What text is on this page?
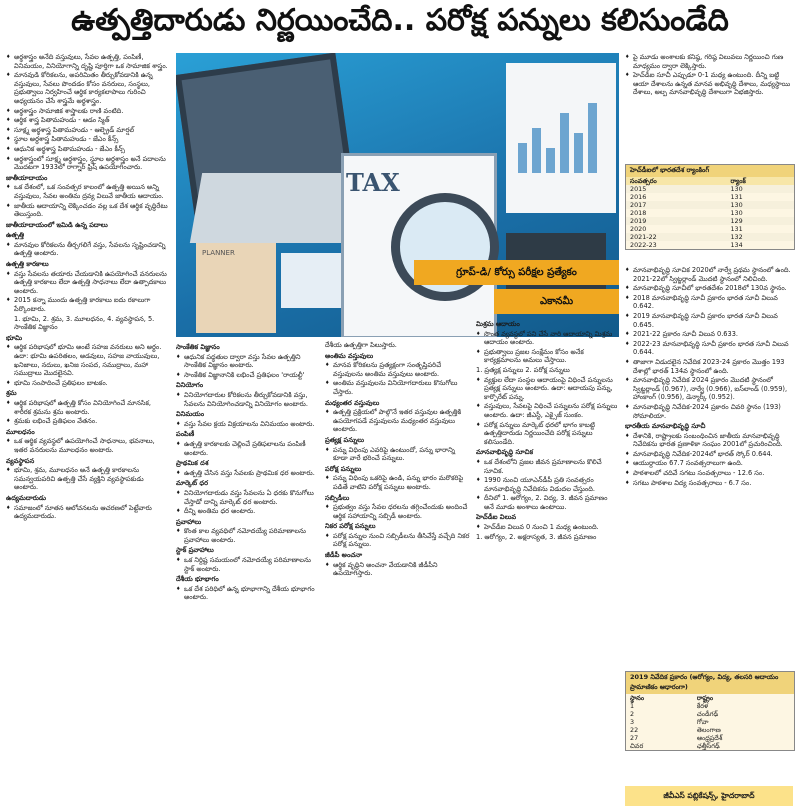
ఉత్పత్తిదారుడు నిర్ణయించేది.. పరోక్ష పన్నులు కలిసుండేది

♦ అర్థశాస్త్రం అనేది వస్తువులు, సేవల ఉత్పత్తి, పంపిణీ, వినిమయం, వినియోగాన్ని దృష్టి పూర్తిగా ఒక సామాజిక శాస్త్రం.

♦ మానవుడి కోరికలను, అపరిమితం తీర్చుకోవడానికి ఉన్న వస్తువులు, సేవలు పొందడం కోసం వనరులు, సంస్థలు, ప్రభుత్వాలు నిర్వహించే ఆర్థిక కార్యకలాపాలు గురించి అధ్యయనం చేసే శాస్త్రమే అర్థశాస్త్రం.

♦ అర్థశాస్త్రం సామాజిక శాస్త్రాలకు రాణి వంటిది.

♦ ఆర్థిక శాస్త్ర పితామహుడు - ఆడం స్మిత్

♦ సూక్ష్మ అర్థశాస్త్ర పితామహుడు - ఆల్ఫ్రెడ్ మార్షల్

♦ స్థూల అర్థశాస్త్ర పితామహుడు - జేఎం కీన్స్

♦ ఆధునిక అర్థశాస్త్ర పితామహుడు - జేఎం కీన్స్

♦ అర్థశాస్త్రంలో సూక్ష్మ అర్థశాస్త్రం, స్థూల అర్థశాస్త్రం అనే పదాలను మొదటగా 1933లో రాగ్నార్ ఫ్రిష్ ఉపయోగించారు.

జాతీయాదాయం

♦ ఒక దేశంలో, ఒక సంవత్సర కాలంలో ఉత్పత్తి అయిన అన్ని వస్తువులు, సేవల అంతిమ ద్రవ్య విలువే జాతీయ ఆదాయం.

♦ జాతీయ ఆదాయాన్ని లెక్కించడం వల్ల ఒక దేశ ఆర్థిక వృద్ధిరేటు తెలుస్తుంది.

జాతీయాదాయంలో ఇమిడి ఉన్న పదాలు

ఉత్పత్తి

♦ మానవుల కోరికలను తీర్చగలిగే వస్తు, సేవలను సృష్టించడాన్ని ఉత్పత్తి అంటారు.

ఉత్పత్తి కారకాలు

♦ వస్తు సేవలను తయారు చేయడానికి ఉపయోగించే వనరులను ఉత్పత్తి కారకాలు లేదా ఉత్పత్తి సాధనాలు లేదా ఉత్పాదకాలు అంటారు.

♦ 2015 కన్నా ముందు ఉత్పత్తి కారకాలు ఐదు రకాలుగా పేర్కొంటారు.

1. భూమి, 2. శ్రమ, 3. మూలధనం, 4. వ్యవస్థాపన, 5. సాంకేతిక విజ్ఞానం

భూమి

♦ ఆర్థిక పరిభాషలో భూమి అంటే సహజ వనరులు అని అర్థం. ఉదా: భూమి ఉపరితలం, అడవులు, సహజ వాయువులు, ఖనిజాలు, నదులు, ఖనిజ సంపద, సముద్రాలు, మహా సముద్రాలు మొదలైనవి.

♦ భూమి సంపాదించే ప్రతిఫలం బాటకం.

శ్రమ

♦ ఆర్థిక పరిభాషలో ఉత్పత్తి కోసం వినియోగించే మానసిక, శారీరక శ్రమను శ్రమ అంటారు.

♦ శ్రమకు లభించే ప్రతిఫలం వేతనం.

మూలధనం

♦ ఒక ఆర్థిక వ్యవస్థలో ఉపయోగించే సాధనాలు, భవనాలు, ఇతర వనరులను మూలధనం అంటారు.

వ్యవస్థాపన

♦ భూమి, శ్రమ, మూలధనం అనే ఉత్పత్తి కారకాలను సమన్వయపరిచి ఉత్పత్తి చేసే వ్యక్తిని వ్యవస్థాపకుడు అంటారు.

ఉద్యమదారుడు

♦ సమాజంలో నూతన ఆలోచనలను ఆచరణలో పెట్టేవారు ఉద్యమదారుడు.

TAX
PLANNER
గ్రూప్-డి/ కోర్సు పరీక్షల ప్రత్యేకం
ఎకానమీ

సాంకేతిక విజ్ఞానం

♦ ఆధునిక పద్ధతుల ద్వారా వస్తు సేవల ఉత్పత్తిని సాంకేతిక విజ్ఞానం అంటారు.

♦ సాంకేతిక విజ్ఞానానికి లభించే ప్రతిఫలం 'రాయల్టీ'

వినియోగం

♦ వినియోగదారుల కోరికలను తీర్చుకోవడానికి వస్తు, సేవలను వినియోగించడాన్ని వినియోగం అంటారు.

వినిమయం

♦ వస్తు సేవల క్రయ విక్రయాలను వినిమయం అంటారు.

పంపిణీ

♦ ఉత్పత్తి కారకాలకు చెల్లించే ప్రతిఫలాలను పంపిణీ అంటారు.

ప్రాథమిక దశ

♦ ఉత్పత్తి చేసిన వస్తు సేవలకు ప్రాథమిక ధర అంటారు.

మార్కెట్ ధర

♦ వినియోగదారుడు వస్తు సేవలను ఏ ధరకు కొనుగోలు చేస్తాడో దాన్ని మార్కెట్ ధర అంటారు.

♦ దీన్ని అంతిమ ధర అంటారు.

ప్రవాహాలు

♦ కొంత కాల వ్యవధిలో నమోదయ్యే పరిమాణాలను ప్రవాహాలు అంటారు.

స్టాక్ ప్రవాహాలు

♦ ఒక నిర్దిష్ట సమయంలో నమోదయ్యే పరిమాణాలను స్టాక్ అంటారు.

దేశీయ భూభాగం

♦ ఒక దేశ పరిధిలో ఉన్న భూభాగాన్ని దేశీయ భూభాగం అంటారు.

దేశీయ ఉత్పత్తిగా పిలుస్తారు.

అంతిమ వస్తువులు

♦ మానవ కోరికలను ప్రత్యక్షంగా సంతృప్తిపరిచే వస్తువులను అంతిమ వస్తువులు అంటారు.

♦ అంతిమ వస్తువులను వినియోగదారులు కొనుగోలు చేస్తారు.

మధ్యంతర వస్తువులు

♦ ఉత్పత్తి ప్రక్రియలో పాల్గొనే ఇతర వస్తువుల ఉత్పత్తికి ఉపయోగపడే వస్తువులను మధ్యంతర వస్తువులు అంటారు.

ప్రత్యక్ష పన్నులు

♦ పన్ను విధింపు ఎవరిపై ఉంటుందో, పన్ను భారాన్ని కూడా వారే భరించే పన్నులు.

పరోక్ష పన్నులు

♦ పన్ను విధింపు ఒకరిపై ఉండి, పన్ను భారం మరొకరిపై పడితే వాటిని పరోక్ష పన్నులు అంటారు.

సబ్సిడీలు

♦ ప్రభుత్వం వస్తు సేవల ధరలను తగ్గించేందుకు అందించే ఆర్థిక సహాయాన్ని సబ్సిడీ అంటారు.

నికర పరోక్ష పన్నులు

♦ పరోక్ష పన్నుల నుంచి సబ్సిడీలను తీసివేస్తే వచ్చేది నికర పరోక్ష పన్నులు.

జీడీపీ అంచనా

♦ ఆర్థిక వృద్ధిని అంచనా వేయడానికి జీడీపీని ఉపయోగిస్తారు.

మిశ్రమ ఆదాయం

♦ సొంత వ్యవస్థలో పని చేసే వారి ఆదాయాన్ని మిశ్రమ ఆదాయం అంటారు.

♦ ప్రభుత్వాలు ప్రజల సంక్షేమం కోసం అనేక కార్యక్రమాలను అమలు చేస్తాయి.

1. ప్రత్యక్ష పన్నులు 2. పరోక్ష పన్నులు

♦ వ్యక్తుల లేదా సంస్థల ఆదాయంపై విధించే పన్నులను ప్రత్యక్ష పన్నులు అంటారు. ఉదా: ఆదాయపు పన్ను, కార్పొరేట్ పన్ను.

♦ వస్తువులు, సేవలపై విధించే పన్నులను పరోక్ష పన్నులు అంటారు. ఉదా: జీఎస్టీ, ఎక్సైజ్ సుంకం.

♦ పరోక్ష పన్నులు మార్కెట్ ధరలో భాగం కాబట్టి ఉత్పత్తిదారుడు నిర్ణయించేది పరోక్ష పన్నులు కలిసుండేది.

మానవాభివృద్ధి సూచిక

♦ ఒక దేశంలోని ప్రజల జీవన ప్రమాణాలను కొలిచే సూచిక.

♦ 1990 నుంచి యూఎన్‌డీపీ ప్రతి సంవత్సరం మానవాభివృద్ధి నివేదికను విడుదల చేస్తుంది.

♦ దీనిలో 1. ఆరోగ్యం, 2. విద్య, 3. జీవన ప్రమాణం అనే మూడు అంశాలు ఉంటాయి.

హెచ్‌డీఐ విలువ

♦ హెచ్‌డీఐ విలువ 0 నుంచి 1 మధ్య ఉంటుంది.

1. ఆరోగ్యం, 2. అక్షరాస్యత, 3. జీవన ప్రమాణం

♦ పై మూడు అంశాలకు కనిష్ఠ, గరిష్ఠ విలువలు నిర్ణయించి గుణ మాధ్యమం ద్వారా లెక్కిస్తారు.

♦ హెచ్‌డీఐ సూచీ ఎప్పుడూ 0-1 మధ్య ఉంటుంది. దీన్ని బట్టి ఆయా దేశాలను ఉన్నత మానవ అభివృద్ధి దేశాలు, మధ్యస్థాయి దేశాలు, అల్ప మానవాభివృద్ధి దేశాలుగా విభజిస్తారు.

హెచ్‌డీఐలో భారతదేశ ర్యాంకింగ్
సంవత్సరం	ర్యాంక్
2015	130
2016	131
2017	130
2018	130
2019	129
2020	131
2021-22	132
2022-23	134

♦ మానవాభివృద్ధి సూచిక 2020లో నార్వే ప్రథమ స్థానంలో ఉంది. 2021-22లో స్విట్జర్లాండ్ మొదటి స్థానంలో నిలిచింది.

♦ మానవాభివృద్ధి సూచీలో భారతదేశం 2018లో 130వ స్థానం.

♦ 2018 మానవాభివృద్ధి సూచీ ప్రకారం భారత సూచీ విలువ 0.642.

♦ 2019 మానవాభివృద్ధి సూచీ ప్రకారం భారత సూచీ విలువ 0.645.

♦ 2021-22 ప్రకారం సూచీ విలువ 0.633.

♦ 2022-23 మానవాభివృద్ధి సూచీ ప్రకారం భారత సూచీ విలువ 0.644.

♦ తాజాగా విడుదలైన నివేదిక 2023-24 ప్రకారం మొత్తం 193 దేశాల్లో భారత్ 134వ స్థానంలో ఉంది.

♦ మానవాభివృద్ధి నివేదిక 2024 ప్రకారం మొదటి స్థానంలో స్విట్జర్లాండ్ (0.967), నార్వే (0.966), ఐస్‌లాండ్ (0.959), హాంకాంగ్ (0.956), డెన్మార్క్ (0.952).

♦ మానవాభివృద్ధి నివేదిక-2024 ప్రకారం చివరి స్థానం (193) సోమాలియా.

భారతీయ మానవాభివృద్ధి సూచీ

♦ దేశానికి, రాష్ట్రాలకు సంబంధించిన జాతీయ మానవాభివృద్ధి నివేదికను భారత ప్రణాళికా సంఘం 2001లో ప్రచురించింది.

♦ మానవాభివృద్ధి నివేదిక-2024లో భారత్ స్కోర్ 0.644.

♦ ఆయుర్దాయం 67.7 సంవత్సరాలుగా ఉంది.

♦ పాఠశాలలో చదివే సగటు సంవత్సరాలు - 12.6 సం.

♦ సగటు పాఠశాల విద్య సంవత్సరాలు - 6.7 సం.

2019 నివేదిక ప్రకారం (ఆరోగ్యం, విద్య, తలసరి ఆదాయం ప్రామాణికం ఆధారంగా)
స్థానం	రాష్ట్రం
1	కేరళ
2	చండీగఢ్
3	గోవా
22	తెలంగాణ
27	ఆంధ్రప్రదేశ్
చివర	ఛత్తీస్‌గఢ్
జీవీఎస్ పబ్లికేషన్స్, హైదరాబాద్
